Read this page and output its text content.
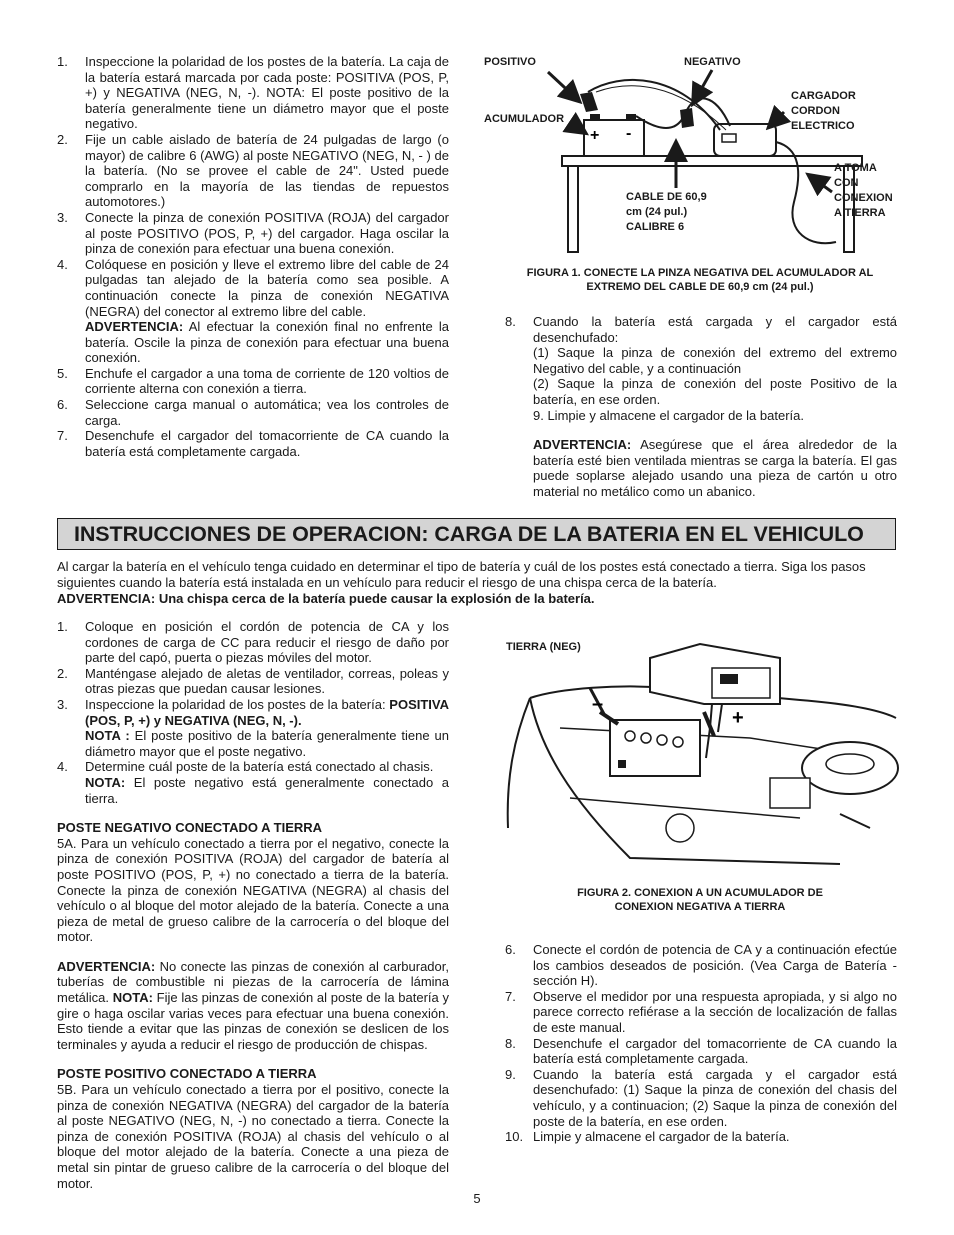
1. Inspeccione la polaridad de los postes de la batería. La caja de la batería estará marcada por cada poste: POSITIVA (POS, P, +) y NEGATIVA (NEG, N, -). NOTA: El poste positivo de la batería generalmente tiene un diámetro mayor que el poste negativo.
2. Fije un cable aislado de batería de 24 pulgadas de largo (o mayor) de calibre 6 (AWG) al poste NEGATIVO (NEG, N, - ) de la batería. (No se provee el cable de 24". Usted puede comprarlo en la mayoría de las tiendas de repuestos automotores.)
3. Conecte la pinza de conexión POSITIVA (ROJA) del cargador al poste POSITIVO (POS, P, +) del cargador. Haga oscilar la pinza de conexión para efectuar una buena conexión.
4. Colóquese en posición y lleve el extremo libre del cable de 24 pulgadas tan alejado de la batería como sea posible. A continuación conecte la pinza de conexión NEGATIVA (NEGRA) del conector al extremo libre del cable.
ADVERTENCIA: Al efectuar la conexión final no enfrente la batería. Oscile la pinza de conexión para efectuar una buena conexión.
5. Enchufe el cargador a una toma de corriente de 120 voltios de corriente alterna con conexión a tierra.
6. Seleccione carga manual o automática; vea los controles de carga.
7. Desenchufe el cargador del tomacorriente de CA cuando la batería está completamente cargada.
+ -
POSITIVO	NEGATIVO
ACUMULADOR
CARGADOR
CORDON
ELECTRICO
A TOMA
CON
CONEXION
A TIERRA
CABLE DE 60,9
cm (24 pul.)
CALIBRE 6
FIGURA 1. CONECTE LA PINZA NEGATIVA DEL ACUMULADOR AL
EXTREMO DEL CABLE DE 60,9 cm (24 pul.)
8. Cuando la batería está cargada y el cargador está desenchufado:
(1) Saque la pinza de conexión del extremo del extremo Negativo del cable, y a continuación
(2) Saque la pinza de conexión del poste Positivo de la batería, en ese orden.
9. Limpie y almacene el cargador de la batería.
ADVERTENCIA: Asegúrese que el área alrededor de la batería esté bien ventilada mientras se carga la batería. El gas puede soplarse alejado usando una pieza de cartón u otro material no metálico como un abanico.
INSTRUCCIONES DE OPERACION: CARGA DE LA BATERIA EN EL VEHICULO
Al cargar la batería en el vehículo tenga cuidado en determinar el tipo de batería y cuál de los postes está conectado a tierra. Siga los pasos siguientes cuando la batería está instalada en un vehículo para reducir el riesgo de una chispa cerca de la batería.
ADVERTENCIA: Una chispa cerca de la batería puede causar la explosión de la batería.
1. Coloque en posición el cordón de potencia de CA y los cordones de carga de CC para reducir el riesgo de daño por parte del capó, puerta o piezas móviles del motor.
2. Manténgase alejado de aletas de ventilador, correas, poleas y otras piezas que puedan causar lesiones.
3. Inspeccione la polaridad de los postes de la batería: POSITIVA (POS, P, +) y NEGATIVA (NEG, N, -).
NOTA : El poste positivo de la batería generalmente tiene un diámetro mayor que el poste negativo.
4. Determine cuál poste de la batería está conectado al chasis.
NOTA: El poste negativo está generalmente conectado a tierra.
POSTE NEGATIVO CONECTADO A TIERRA
5A. Para un vehículo conectado a tierra por el negativo, conecte la pinza de conexión POSITIVA (ROJA) del cargador de batería al poste POSITIVO (POS, P, +) no conectado a tierra de la batería. Conecte la pinza de conexión NEGATIVA (NEGRA) al chasis del vehículo o al bloque del motor alejado de la batería. Conecte a una pieza de metal de grueso calibre de la carrocería o del bloque del motor.
ADVERTENCIA: No conecte las pinzas de conexión al carburador, tuberías de combustible ni piezas de la carrocería de lámina metálica. NOTA: Fije las pinzas de conexión al poste de la batería y gire o haga oscilar varias veces para efectuar una buena conexión. Esto tiende a evitar que las pinzas de conexión se deslicen de los terminales y ayuda a reducir el riesgo de producción de chispas.
POSTE POSITIVO CONECTADO A TIERRA
5B. Para un vehículo conectado a tierra por el positivo, conecte la pinza de conexión NEGATIVA (NEGRA) del cargador de la batería al poste NEGATIVO (NEG, N, -) no conectado a tierra. Conecte la pinza de conexión POSITIVA (ROJA) al chasis del vehículo o al bloque del motor alejado de la batería. Conecte a una pieza de metal sin pintar de grueso calibre de la carrocería o del bloque del motor.
–
+
TIERRA (NEG)
FIGURA 2. CONEXION A UN ACUMULADOR DE
CONEXION NEGATIVA A TIERRA
6. Conecte el cordón de potencia de CA y a continuación efectúe los cambios deseados de posición. (Vea Carga de Batería - sección H).
7. Observe el medidor por una respuesta apropiada, y si algo no parece correcto refiérase a la sección de localización de fallas de este manual.
8. Desenchufe el cargador del tomacorriente de CA cuando la batería está completamente cargada.
9. Cuando la batería está cargada y el cargador está desenchufado: (1) Saque la pinza de conexión del chasis del vehículo, y a continuacion; (2) Saque la pinza de conexión del poste de la batería, en ese orden.
10. Limpie y almacene el cargador de la batería.
5
